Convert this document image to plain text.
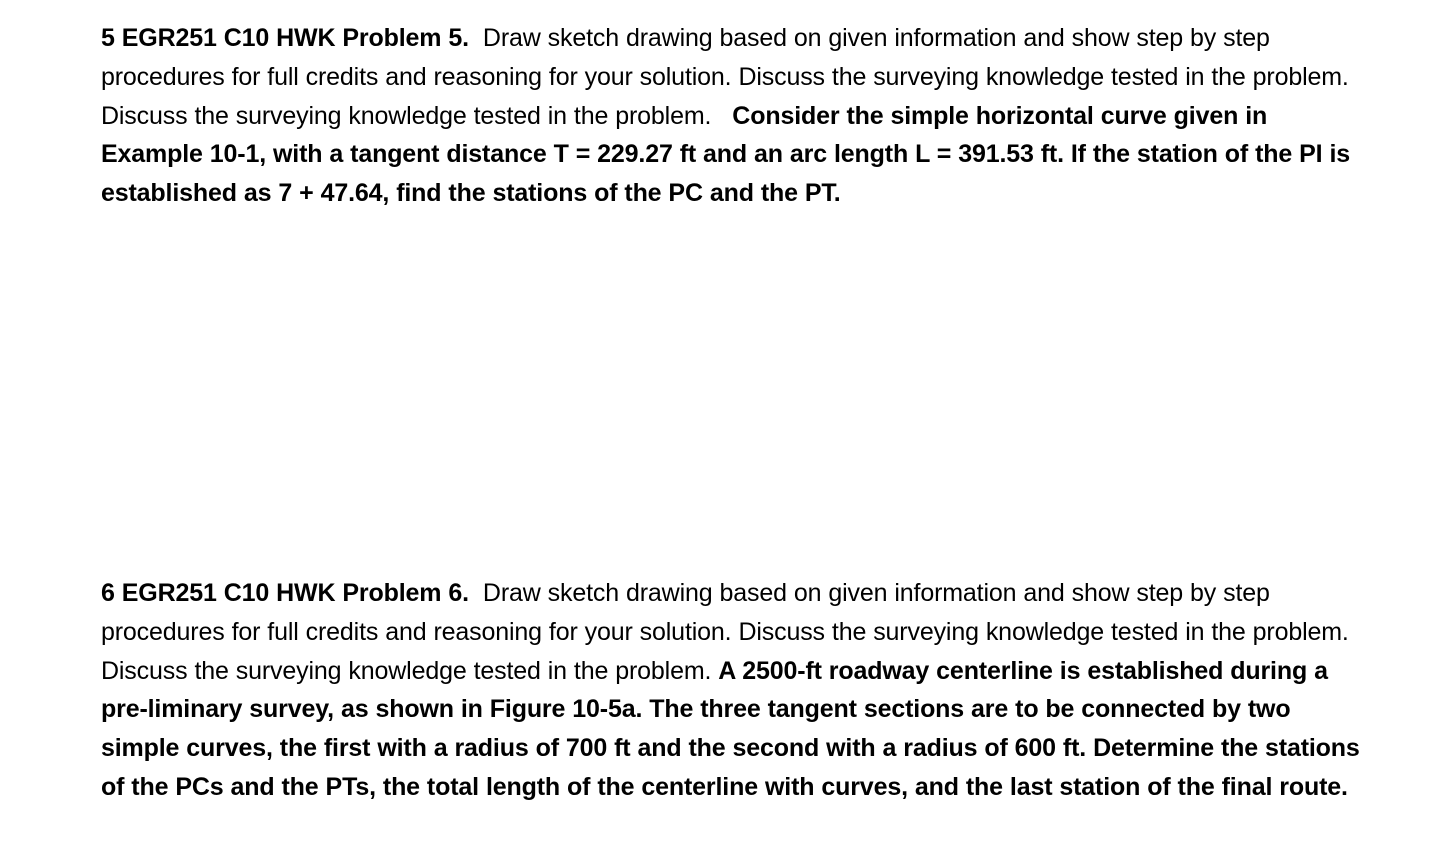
5 EGR251 C10 HWK Problem 5. Draw sketch drawing based on given information and show step by step procedures for full credits and reasoning for your solution. Discuss the surveying knowledge tested in the problem. Discuss the surveying knowledge tested in the problem. Consider the simple horizontal curve given in Example 10-1, with a tangent distance T = 229.27 ft and an arc length L = 391.53 ft. If the station of the PI is established as 7 + 47.64, find the stations of the PC and the PT.
6 EGR251 C10 HWK Problem 6. Draw sketch drawing based on given information and show step by step procedures for full credits and reasoning for your solution. Discuss the surveying knowledge tested in the problem. Discuss the surveying knowledge tested in the problem. A 2500-ft roadway centerline is established during a pre-liminary survey, as shown in Figure 10-5a. The three tangent sections are to be connected by two simple curves, the first with a radius of 700 ft and the second with a radius of 600 ft. Determine the stations of the PCs and the PTs, the total length of the centerline with curves, and the last station of the final route.
